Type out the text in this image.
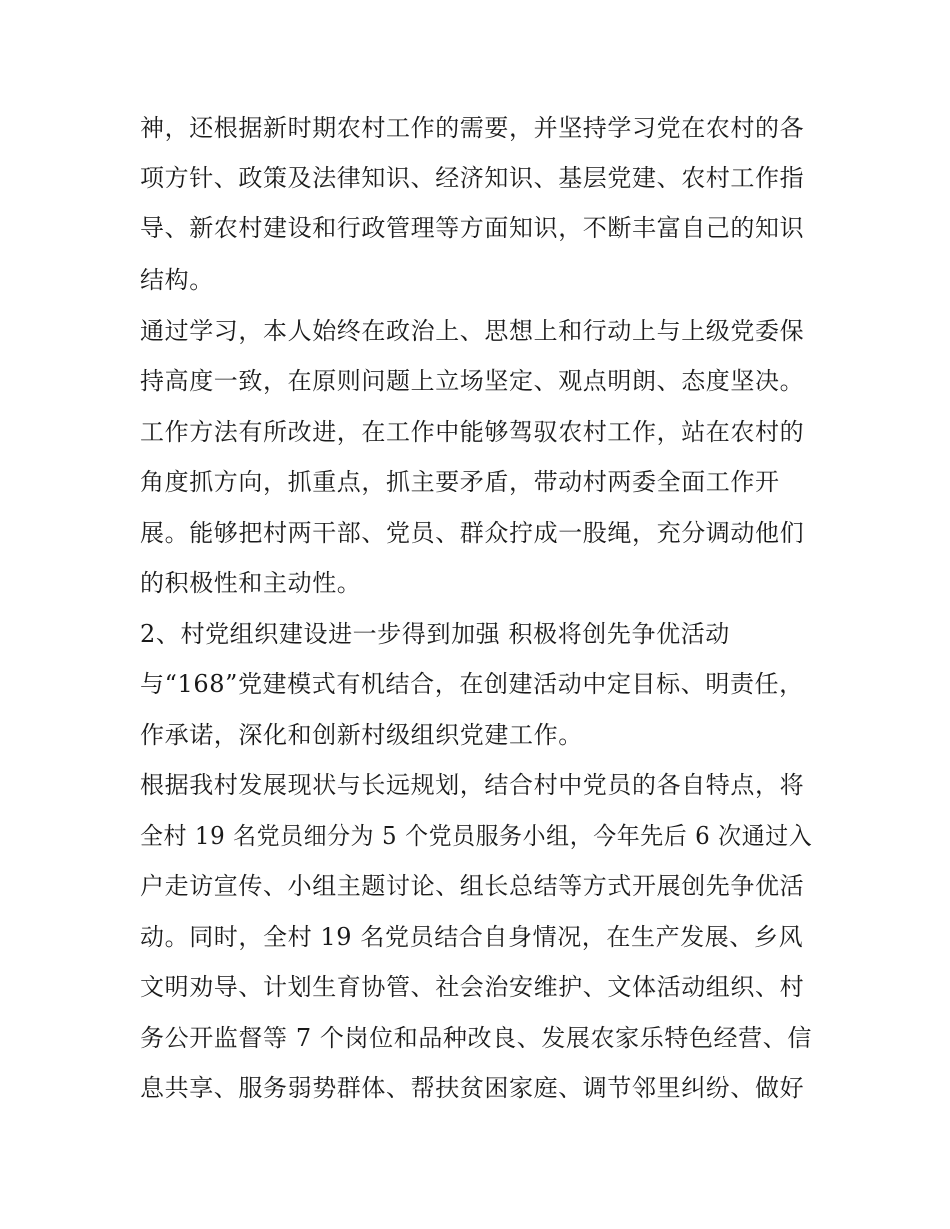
神，还根据新时期农村工作的需要，并坚持学习党在农村的各
项方针、政策及法律知识、经济知识、基层党建、农村工作指
导、新农村建设和行政管理等方面知识，不断丰富自己的知识
结构。
通过学习，本人始终在政治上、思想上和行动上与上级党委保
持高度一致，在原则问题上立场坚定、观点明朗、态度坚决。
工作方法有所改进，在工作中能够驾驭农村工作，站在农村的
角度抓方向，抓重点，抓主要矛盾，带动村两委全面工作开
展。能够把村两干部、党员、群众拧成一股绳，充分调动他们
的积极性和主动性。
2、村党组织建设进一步得到加强 积极将创先争优活动
与“168”党建模式有机结合，在创建活动中定目标、明责任，
作承诺，深化和创新村级组织党建工作。
根据我村发展现状与长远规划，结合村中党员的各自特点，将
全村 19 名党员细分为 5 个党员服务小组，今年先后 6 次通过入
户走访宣传、小组主题讨论、组长总结等方式开展创先争优活
动。同时，全村 19 名党员结合自身情况，在生产发展、乡风
文明劝导、计划生育协管、社会治安维护、文体活动组织、村
务公开监督等 7 个岗位和品种改良、发展农家乐特色经营、信
息共享、服务弱势群体、帮扶贫困家庭、调节邻里纠纷、做好
